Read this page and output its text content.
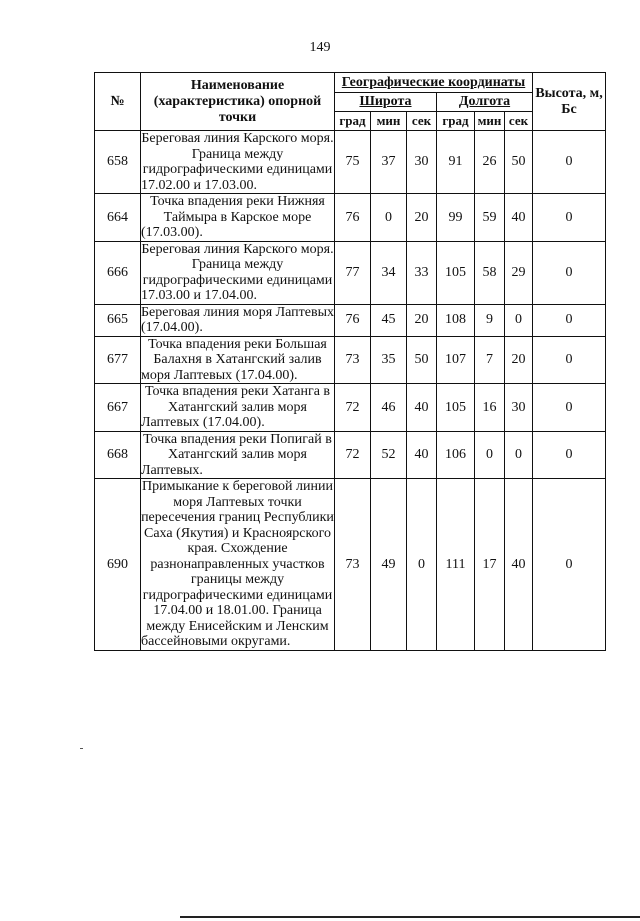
149
№	Наименование (характеристика) опорной точки	Географические координаты						Высота, м, Бс
		Широта			Долгота			
		град	мин	сек	град	мин	сек	
658	Береговая линия Карского моря. Граница между гидрографическими единицами 17.02.00 и 17.03.00.	75	37	30	91	26	50	0
664	Точка впадения реки Нижняя Таймыра в Карское море (17.03.00).	76	0	20	99	59	40	0
666	Береговая линия Карского моря. Граница между гидрографическими единицами 17.03.00 и 17.04.00.	77	34	33	105	58	29	0
665	Береговая линия моря Лаптевых (17.04.00).	76	45	20	108	9	0	0
677	Точка впадения реки Большая Балахня в Хатангский залив моря Лаптевых (17.04.00).	73	35	50	107	7	20	0
667	Точка впадения реки Хатанга в Хатангский залив моря Лаптевых (17.04.00).	72	46	40	105	16	30	0
668	Точка впадения реки Попигай в Хатангский залив моря Лаптевых.	72	52	40	106	0	0	0
690	Примыкание к береговой линии моря Лаптевых точки пересечения границ Республики Саха (Якутия) и Красноярского края. Схождение разнонаправленных участков границы между гидрографическими единицами 17.04.00 и 18.01.00. Граница между Енисейским и Ленским бассейновыми округами.	73	49	0	111	17	40	0
